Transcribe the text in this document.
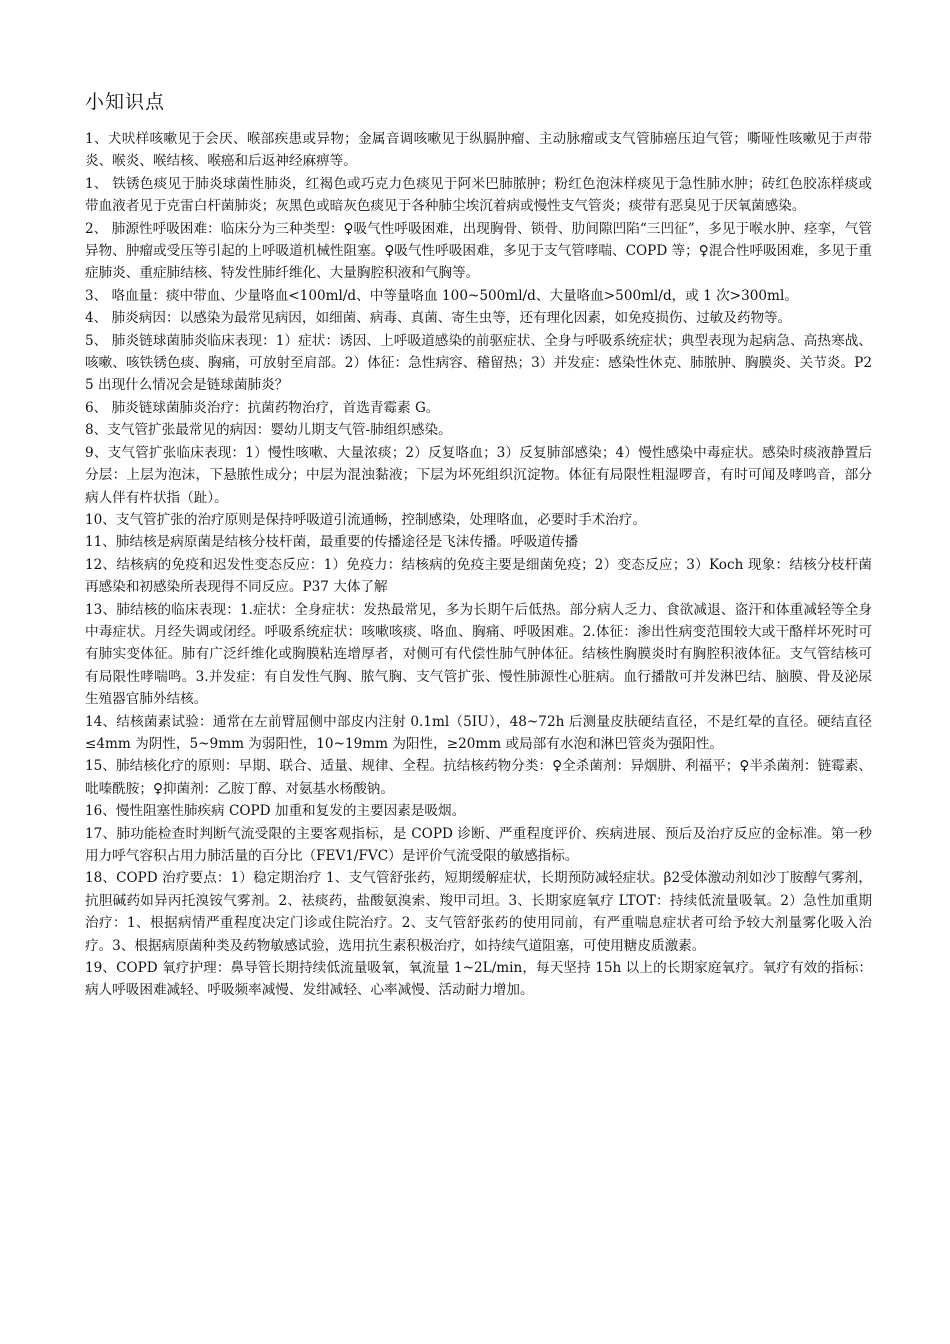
小知识点

1、犬吠样咳嗽见于会厌、喉部疾患或异物；金属音调咳嗽见于纵膈肿瘤、主动脉瘤或支气管肺癌压迫气管；嘶哑性咳嗽见于声带炎、喉炎、喉结核、喉癌和后返神经麻痹等。

1、 铁锈色痰见于肺炎球菌性肺炎，红褐色或巧克力色痰见于阿米巴肺脓肿；粉红色泡沫样痰见于急性肺水肿；砖红色胶冻样痰或带血液者见于克雷白杆菌肺炎；灰黑色或暗灰色痰见于各种肺尘埃沉着病或慢性支气管炎；痰带有恶臭见于厌氧菌感染。

2、 肺源性呼吸困难：临床分为三种类型：♀吸气性呼吸困难，出现胸骨、锁骨、肋间隙凹陷“三凹征”，多见于喉水肿、痉挛，气管异物、肿瘤或受压等引起的上呼吸道机械性阻塞。♀吸气性呼吸困难，多见于支气管哮喘、COPD 等；♀混合性呼吸困难，多见于重症肺炎、重症肺结核、特发性肺纤维化、大量胸腔积液和气胸等。

3、 咯血量：痰中带血、少量咯血<100ml/d、中等量咯血 100~500ml/d、大量咯血>500ml/d，或 1 次>300ml。

4、 肺炎病因：以感染为最常见病因，如细菌、病毒、真菌、寄生虫等，还有理化因素，如免疫损伤、过敏及药物等。

5、 肺炎链球菌肺炎临床表现：1）症状：诱因、上呼吸道感染的前驱症状、全身与呼吸系统症状；典型表现为起病急、高热寒战、咳嗽、咳铁锈色痰、胸痛，可放射至肩部。2）体征：急性病容、稽留热；3）并发症：感染性休克、肺脓肿、胸膜炎、关节炎。P25 出现什么情况会是链球菌肺炎？

6、 肺炎链球菌肺炎治疗：抗菌药物治疗，首选青霉素 G。

8、支气管扩张最常见的病因：婴幼儿期支气管-肺组织感染。

9、支气管扩张临床表现：1）慢性咳嗽、大量浓痰；2）反复咯血；3）反复肺部感染；4）慢性感染中毒症状。感染时痰液静置后分层：上层为泡沫，下悬脓性成分；中层为混浊黏液；下层为坏死组织沉淀物。体征有局限性粗湿啰音，有时可闻及哮鸣音，部分病人伴有杵状指（趾）。

10、支气管扩张的治疗原则是保持呼吸道引流通畅，控制感染，处理咯血，必要时手术治疗。

11、肺结核是病原菌是结核分枝杆菌，最重要的传播途径是飞沫传播。呼吸道传播

12、结核病的免疫和迟发性变态反应：1）免疫力：结核病的免疫主要是细菌免疫；2）变态反应；3）Koch 现象：结核分枝杆菌再感染和初感染所表现得不同反应。P37 大体了解

13、肺结核的临床表现：1.症状：全身症状：发热最常见，多为长期午后低热。部分病人乏力、食欲减退、盗汗和体重减轻等全身中毒症状。月经失调或闭经。呼吸系统症状：咳嗽咳痰、咯血、胸痛、呼吸困难。2.体征：渗出性病变范围较大或干酪样坏死时可有肺实变体征。肺有广泛纤维化或胸膜粘连增厚者，对侧可有代偿性肺气肿体征。结核性胸膜炎时有胸腔积液体征。支气管结核可有局限性哮喘鸣。3.并发症：有自发性气胸、脓气胸、支气管扩张、慢性肺源性心脏病。血行播散可并发淋巴结、脑膜、骨及泌尿生殖器官肺外结核。

14、结核菌素试验：通常在左前臂屈侧中部皮内注射 0.1ml（5IU），48~72h 后测量皮肤硬结直径，不是红晕的直径。硬结直径≤4mm 为阴性，5~9mm 为弱阳性，10~19mm 为阳性，≥20mm 或局部有水泡和淋巴管炎为强阳性。

15、肺结核化疗的原则：早期、联合、适量、规律、全程。抗结核药物分类：♀全杀菌剂：异烟肼、利福平；♀半杀菌剂：链霉素、吡嗪酰胺；♀抑菌剂：乙胺丁醇、对氨基水杨酸钠。

16、慢性阻塞性肺疾病 COPD 加重和复发的主要因素是吸烟。

17、肺功能检查时判断气流受限的主要客观指标，是 COPD 诊断、严重程度评价、疾病进展、预后及治疗反应的金标准。第一秒用力呼气容积占用力肺活量的百分比（FEV1/FVC）是评价气流受限的敏感指标。

18、COPD 治疗要点：1）稳定期治疗 1、支气管舒张药，短期缓解症状，长期预防减轻症状。β2受体激动剂如沙丁胺醇气雾剂，抗胆碱药如异丙托溴铵气雾剂。2、祛痰药，盐酸氨溴索、羧甲司坦。3、长期家庭氧疗 LTOT：持续低流量吸氧。2）急性加重期治疗：1、根据病情严重程度决定门诊或住院治疗。2、支气管舒张药的使用同前，有严重喘息症状者可给予较大剂量雾化吸入治疗。3、根据病原菌种类及药物敏感试验，选用抗生素积极治疗，如持续气道阻塞，可使用糖皮质激素。

19、COPD 氧疗护理：鼻导管长期持续低流量吸氧，氧流量 1~2L/min，每天坚持 15h 以上的长期家庭氧疗。氧疗有效的指标：病人呼吸困难减轻、呼吸频率减慢、发绀减轻、心率减慢、活动耐力增加。
